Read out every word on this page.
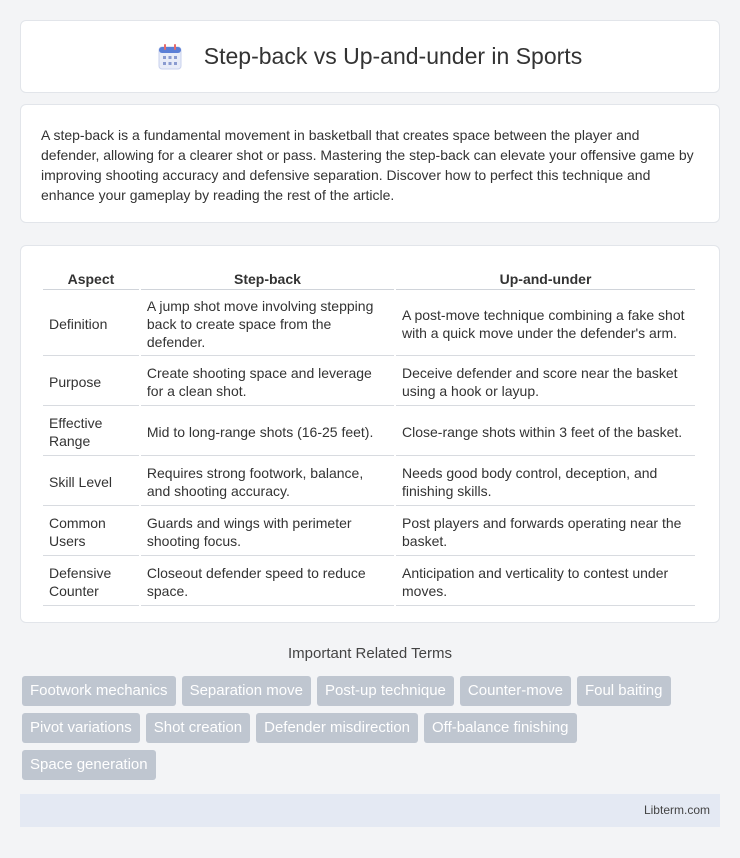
Step-back vs Up-and-under in Sports

A step-back is a fundamental movement in basketball that creates space between the player and defender, allowing for a clearer shot or pass. Mastering the step-back can elevate your offensive game by improving shooting accuracy and defensive separation. Discover how to perfect this technique and enhance your gameplay by reading the rest of the article.

Aspect	Step-back	Up-and-under
Definition	A jump shot move involving stepping back to create space from the defender.	A post-move technique combining a fake shot with a quick move under the defender's arm.
Purpose	Create shooting space and leverage for a clean shot.	Deceive defender and score near the basket using a hook or layup.
Effective Range	Mid to long-range shots (16-25 feet).	Close-range shots within 3 feet of the basket.
Skill Level	Requires strong footwork, balance, and shooting accuracy.	Needs good body control, deception, and finishing skills.
Common Users	Guards and wings with perimeter shooting focus.	Post players and forwards operating near the basket.
Defensive Counter	Closeout defender speed to reduce space.	Anticipation and verticality to contest under moves.
Important Related Terms
Footwork mechanics	Separation move	Post-up technique	Counter-move	Foul baiting
Pivot variations	Shot creation	Defender misdirection	Off-balance finishing
Space generation
Libterm.com
